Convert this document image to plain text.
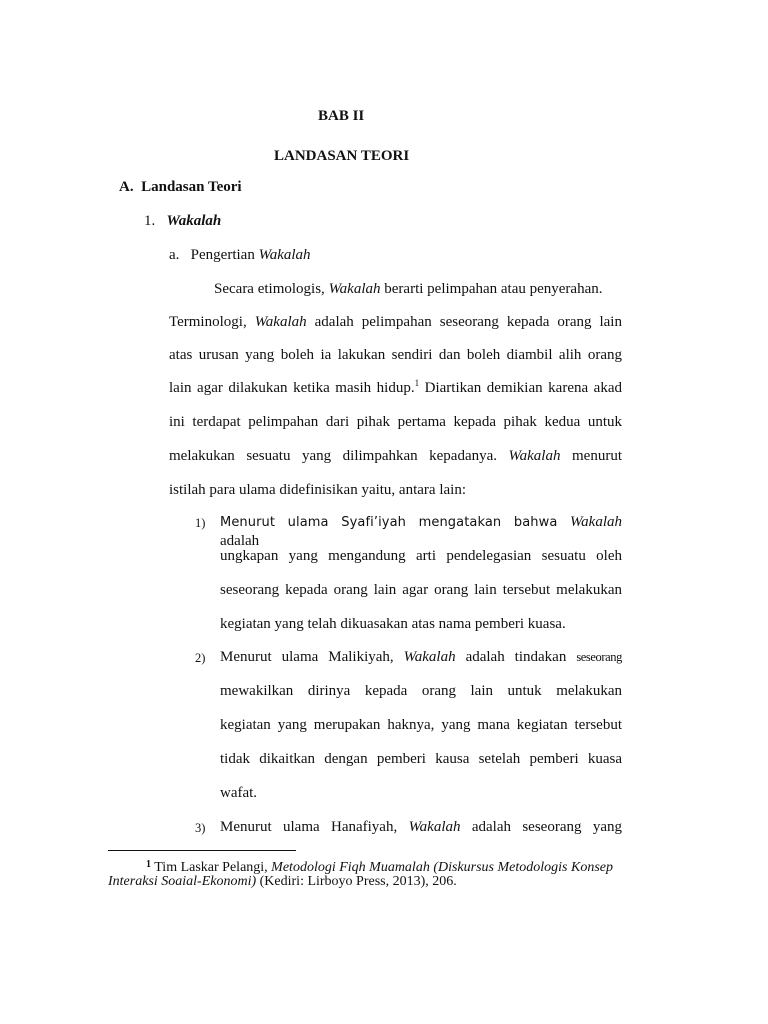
BAB II
LANDASAN TEORI
A. Landasan Teori
1. Wakalah
a. Pengertian Wakalah
Secara etimologis, Wakalah berarti pelimpahan atau penyerahan.
Terminologi, Wakalah adalah pelimpahan seseorang kepada orang lain
atas urusan yang boleh ia lakukan sendiri dan boleh diambil alih orang
lain agar dilakukan ketika masih hidup.$^1$ Diartikan demikian karena akad
ini terdapat pelimpahan dari pihak pertama kepada pihak kedua untuk
melakukan sesuatu yang dilimpahkan kepadanya. Wakalah menurut
istilah para ulama didefinisikan yaitu, antara lain:
1) Menurut ulama Syafi’iyah mengatakan bahwa Wakalah adalah
ungkapan yang mengandung arti pendelegasian sesuatu oleh
seseorang kepada orang lain agar orang lain tersebut melakukan
kegiatan yang telah dikuasakan atas nama pemberi kuasa.
2) Menurut ulama Malikiyah, Wakalah adalah tindakan seseorang
mewakilkan dirinya kepada orang lain untuk melakukan
kegiatan yang merupakan haknya, yang mana kegiatan tersebut
tidak dikaitkan dengan pemberi kausa setelah pemberi kuasa
wafat.
3) Menurut ulama Hanafiyah, Wakalah adalah seseorang yang
$^1$ Tim Laskar Pelangi, Metodologi Fiqh Muamalah (Diskursus Metodologis Konsep
Interaksi Soaial-Ekonomi) (Kediri: Lirboyo Press, 2013), 206.
